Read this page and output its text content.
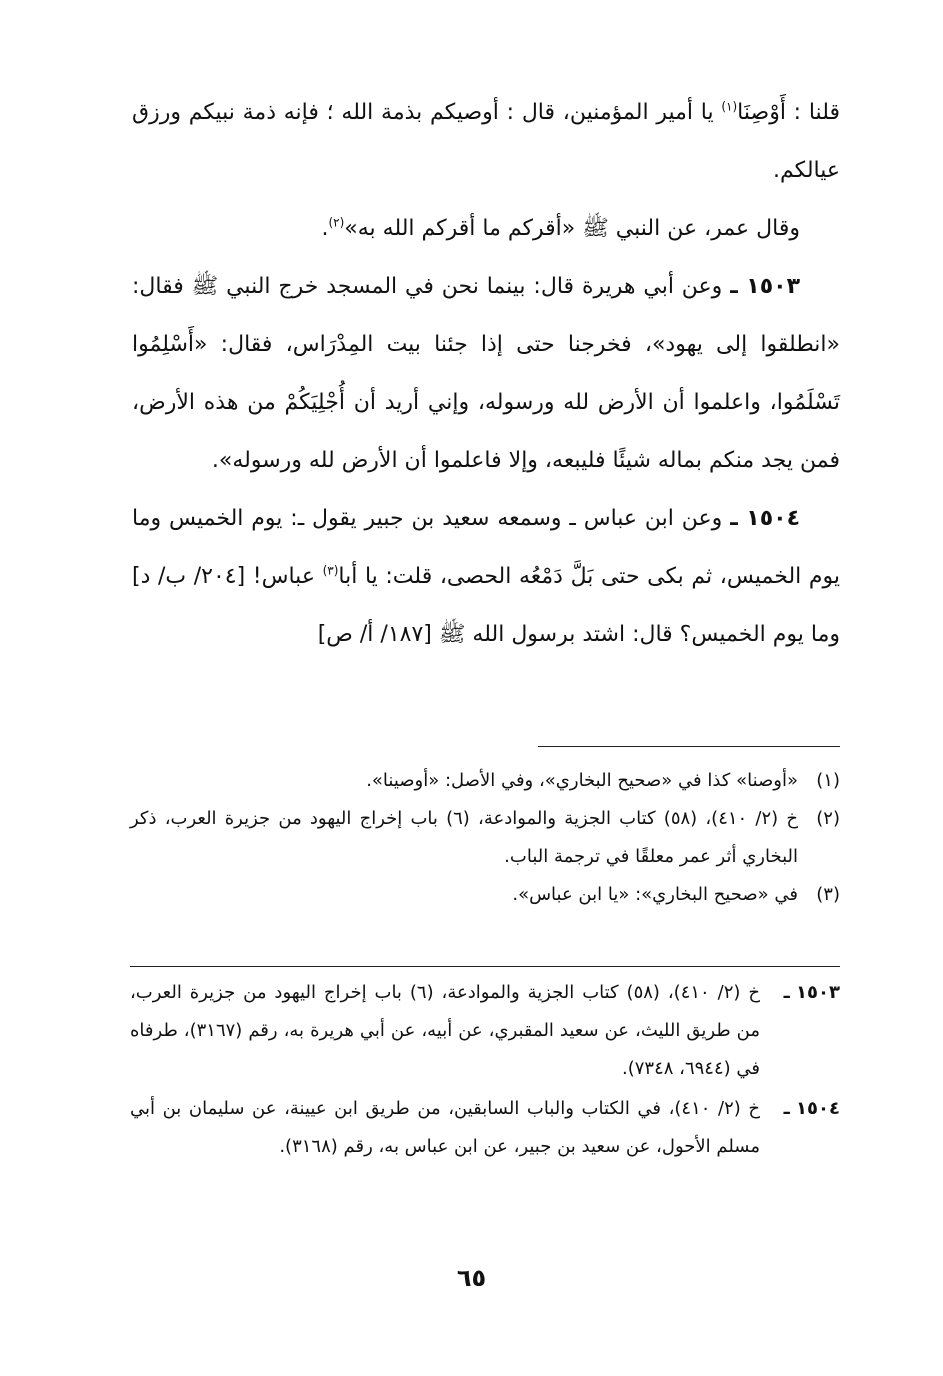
قلنا : أَوْصِنَا$^{(١)}$ يا أمير المؤمنين، قال : أوصيكم بذمة الله ؛ فإنه ذمة نبيكم ورزق عيالكم.

وقال عمر، عن النبي ﷺ «أقركم ما أقركم الله به»$^{(٢)}$.

١٥٠٣ ـ وعن أبي هريرة قال: بينما نحن في المسجد خرج النبي ﷺ فقال: «انطلقوا إلى يهود»، فخرجنا حتى إذا جئنا بيت المِدْرَاس، فقال: «أَسْلِمُوا تَسْلَمُوا، واعلموا أن الأرض لله ورسوله، وإني أريد أن أُجْلِيَكُمْ من هذه الأرض، فمن يجد منكم بماله شيئًا فليبعه، وإلا فاعلموا أن الأرض لله ورسوله».

١٥٠٤ ـ وعن ابن عباس ـ وسمعه سعيد بن جبير يقول ـ: يوم الخميس وما يوم الخميس، ثم بكى حتى بَلَّ دَمْعُه الحصى، قلت: يا أبا$^{(٣)}$ عباس! [٢٠٤/ ب/ د] وما يوم الخميس؟ قال: اشتد برسول الله ﷺ [١٨٧/ أ/ ص]

(١)
«أوصنا» كذا في «صحيح البخاري»، وفي الأصل: «أوصينا».
(٢)
خ (٢/ ٤١٠)، (٥٨) كتاب الجزية والموادعة، (٦) باب إخراج اليهود من جزيرة العرب، ذكر البخاري أثر عمر معلقًا في ترجمة الباب.
(٣)
في «صحيح البخاري»: «يا ابن عباس».
١٥٠٣ ـ
خ (٢/ ٤١٠)، (٥٨) كتاب الجزية والموادعة، (٦) باب إخراج اليهود من جزيرة العرب، من طريق الليث، عن سعيد المقبري، عن أبيه، عن أبي هريرة به، رقم (٣١٦٧)، طرفاه في (٦٩٤٤، ٧٣٤٨).
١٥٠٤ ـ
خ (٢/ ٤١٠)، في الكتاب والباب السابقين، من طريق ابن عيينة، عن سليمان بن أبي مسلم الأحول، عن سعيد بن جبير، عن ابن عباس به، رقم (٣١٦٨).
٦٥
